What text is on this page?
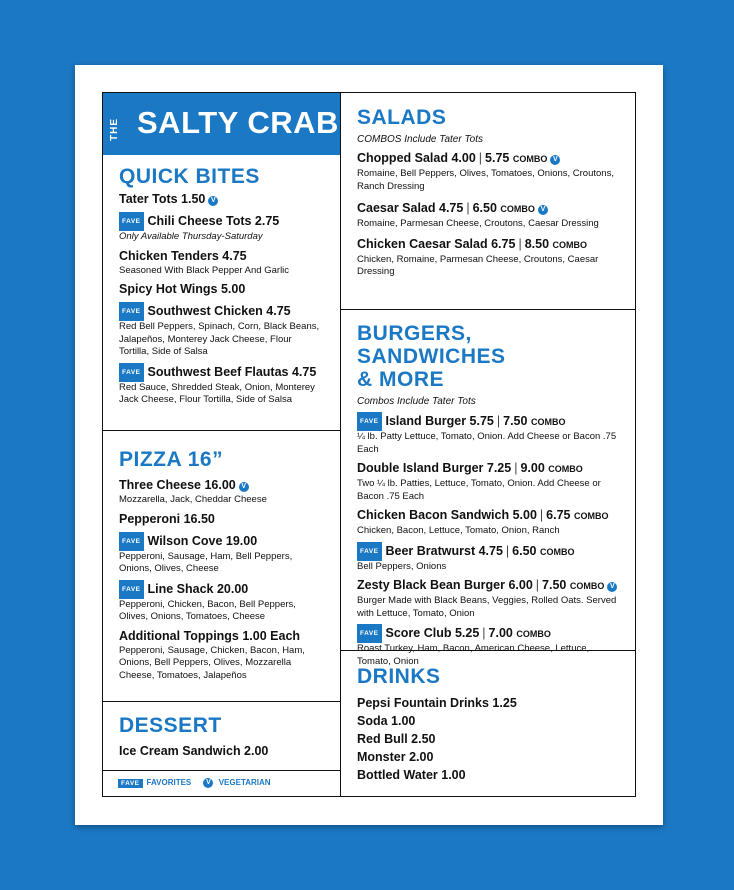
THE SALTY CRAB
QUICK BITES
Tater Tots 1.50 V
FAVE Chili Cheese Tots 2.75
Only Available Thursday-Saturday
Chicken Tenders 4.75
Seasoned With Black Pepper And Garlic
Spicy Hot Wings 5.00
FAVE Southwest Chicken 4.75
Red Bell Peppers, Spinach, Corn, Black Beans, Jalapeños, Monterey Jack Cheese, Flour Tortilla, Side of Salsa
FAVE Southwest Beef Flautas 4.75
Red Sauce, Shredded Steak, Onion, Monterey Jack Cheese, Flour Tortilla, Side of Salsa
PIZZA 16”
Three Cheese 16.00 V
Mozzarella, Jack, Cheddar Cheese
Pepperoni 16.50
FAVE Wilson Cove 19.00
Pepperoni, Sausage, Ham, Bell Peppers, Onions, Olives, Cheese
FAVE Line Shack 20.00
Pepperoni, Chicken, Bacon, Bell Peppers, Olives, Onions, Tomatoes, Cheese
Additional Toppings 1.00 Each
Pepperoni, Sausage, Chicken, Bacon, Ham, Onions, Bell Peppers, Olives, Mozzarella Cheese, Tomatoes, Jalapeños
DESSERT
Ice Cream Sandwich 2.00
FAVE FAVORITES V VEGETARIAN
SALADS
COMBOS Include Tater Tots
Chopped Salad 4.00 | 5.75 COMBO V
Romaine, Bell Peppers, Olives, Tomatoes, Onions, Croutons, Ranch Dressing
Caesar Salad 4.75 | 6.50 COMBO V
Romaine, Parmesan Cheese, Croutons, Caesar Dressing
Chicken Caesar Salad 6.75 | 8.50 COMBO
Chicken, Romaine, Parmesan Cheese, Croutons, Caesar Dressing
BURGERS, SANDWICHES
& MORE
Combos Include Tater Tots
FAVE Island Burger 5.75 | 7.50 COMBO
¼ lb. Patty Lettuce, Tomato, Onion. Add Cheese or Bacon .75 Each
Double Island Burger 7.25 | 9.00 COMBO
Two ¼ lb. Patties, Lettuce, Tomato, Onion. Add Cheese or Bacon .75 Each
Chicken Bacon Sandwich 5.00 | 6.75 COMBO
Chicken, Bacon, Lettuce, Tomato, Onion, Ranch
FAVE Beer Bratwurst 4.75 | 6.50 COMBO
Bell Peppers, Onions
Zesty Black Bean Burger 6.00 | 7.50 COMBO V
Burger Made with Black Beans, Veggies, Rolled Oats. Served with Lettuce, Tomato, Onion
FAVE Score Club 5.25 | 7.00 COMBO
Roast Turkey, Ham, Bacon, American Cheese, Lettuce, Tomato, Onion
DRINKS
Pepsi Fountain Drinks 1.25
Soda 1.00
Red Bull 2.50
Monster 2.00
Bottled Water 1.00
